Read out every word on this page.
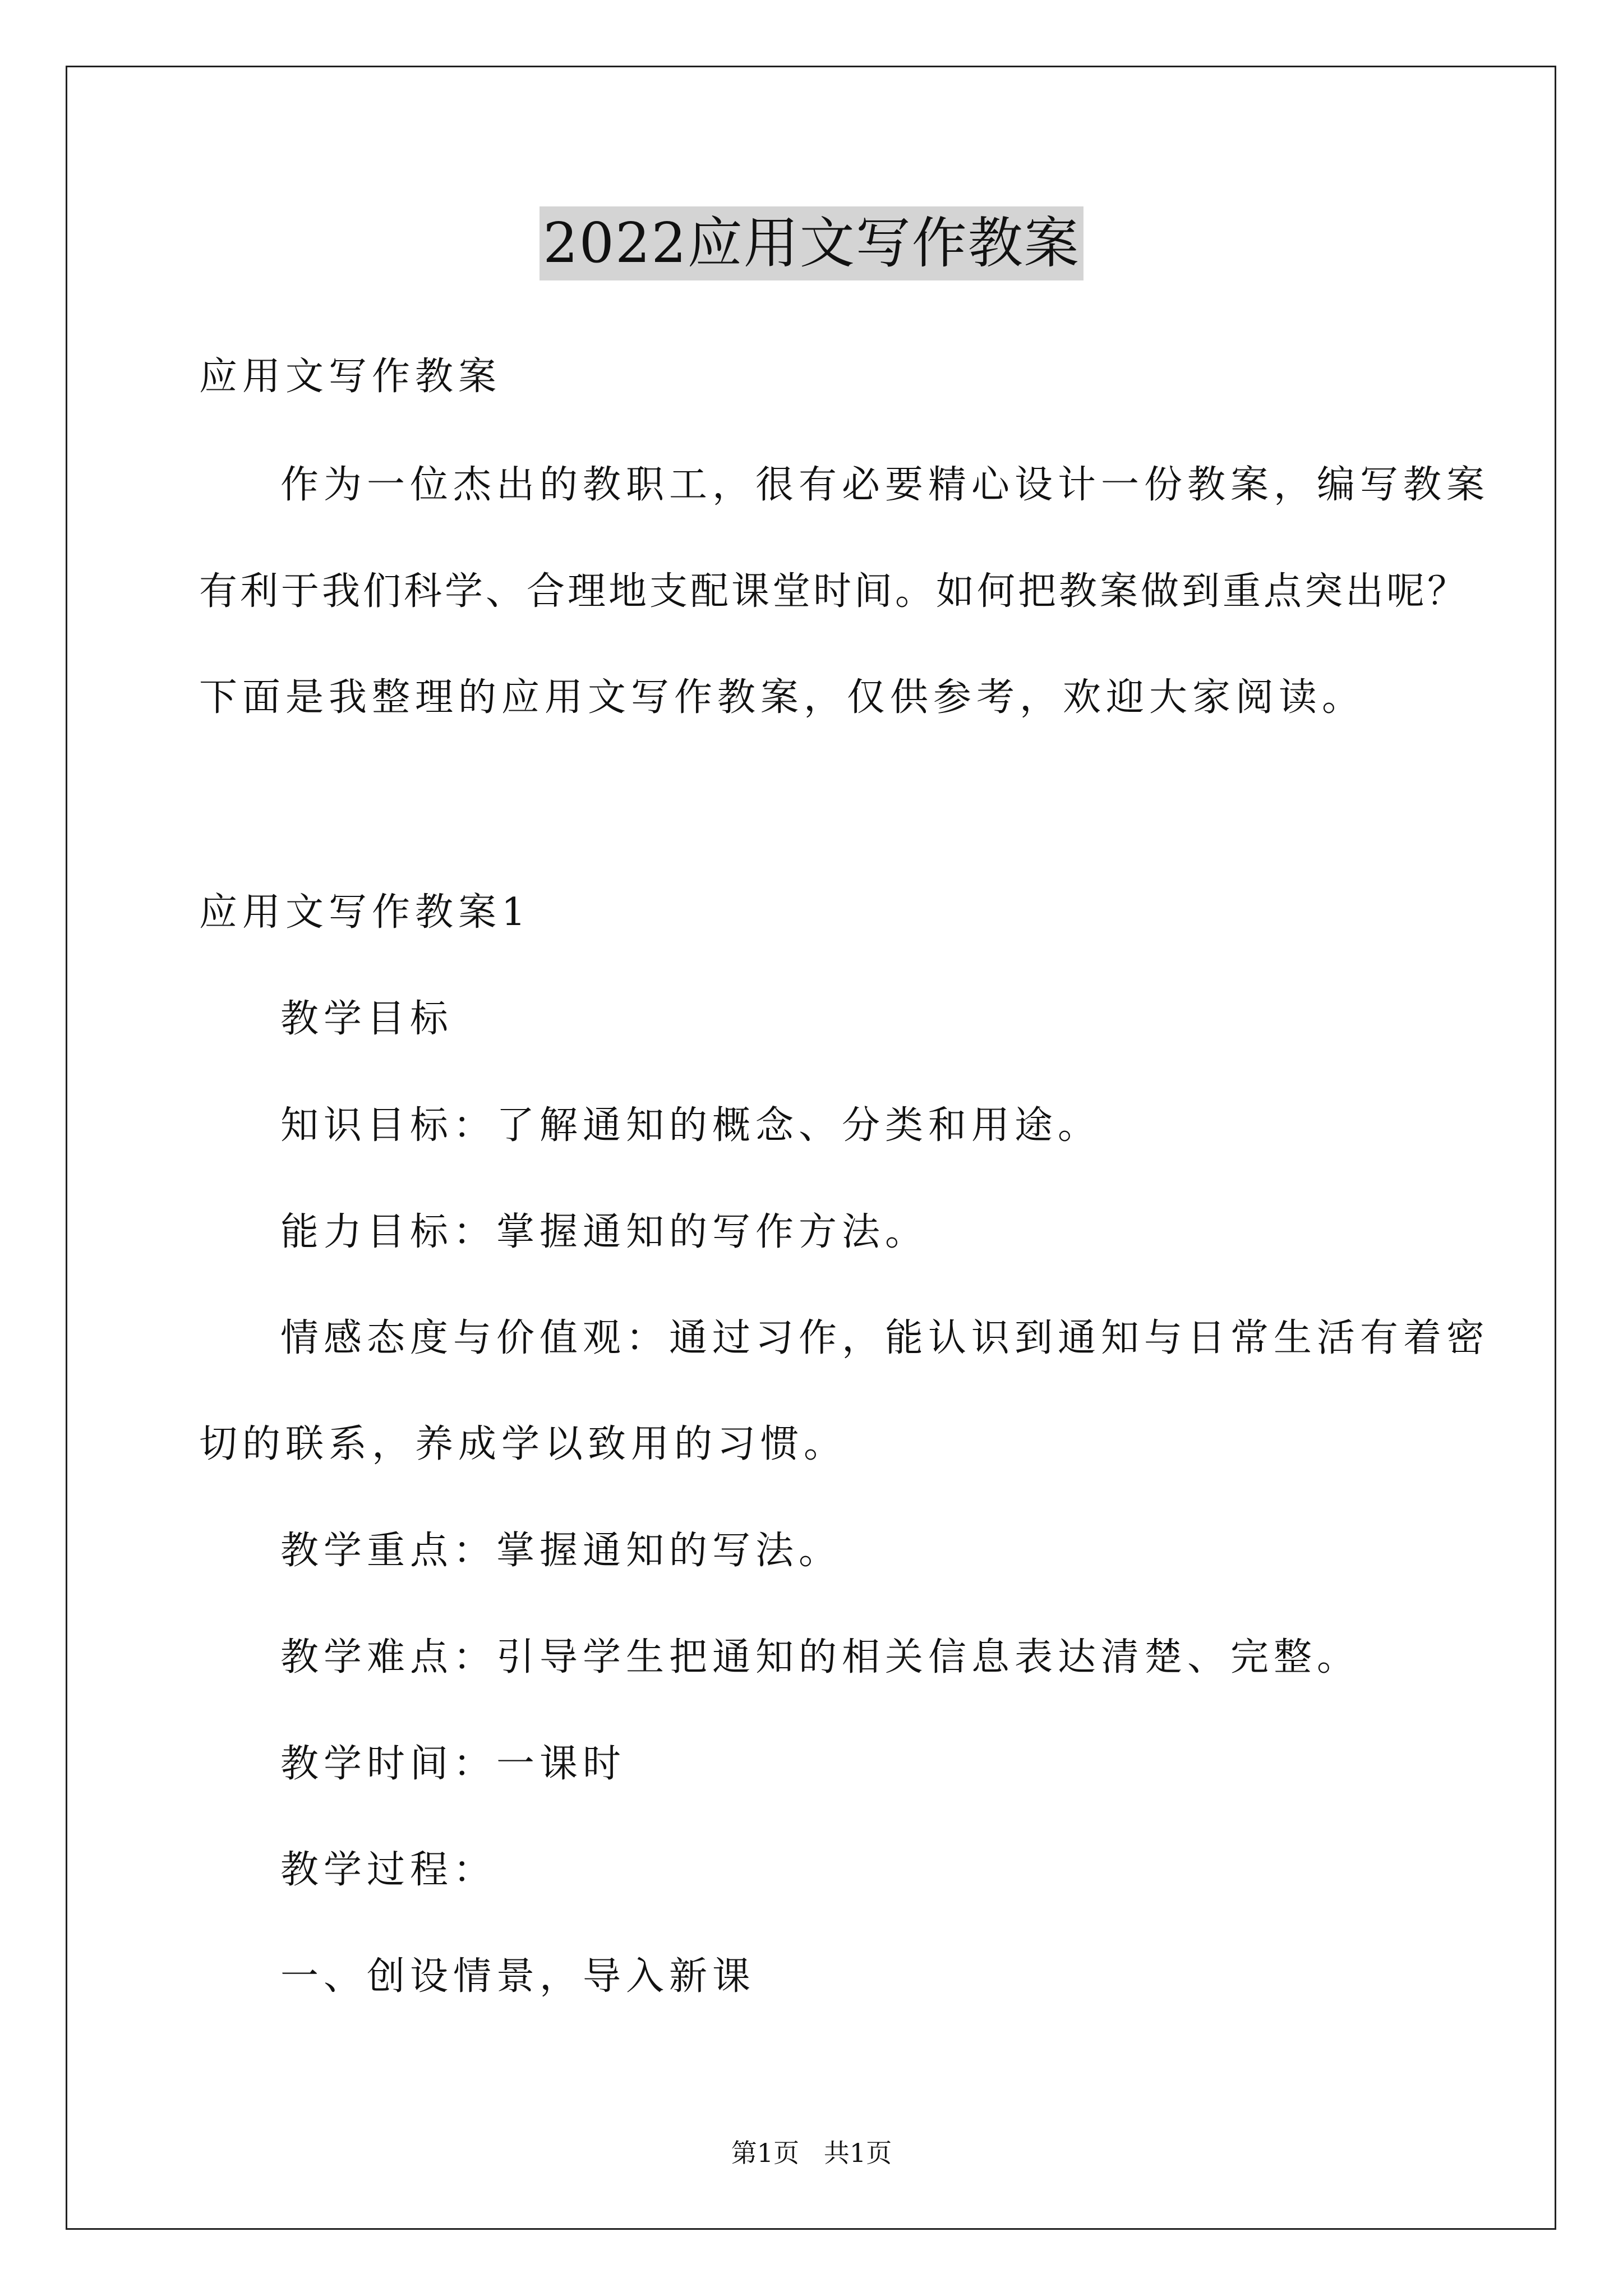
2022应用文写作教案
应用文写作教案
作为一位杰出的教职工，很有必要精心设计一份教案，编写教案
有利于我们科学、合理地支配课堂时间。如何把教案做到重点突出呢？
下面是我整理的应用文写作教案，仅供参考，欢迎大家阅读。
应用文写作教案1
教学目标
知识目标：了解通知的概念、分类和用途。
能力目标：掌握通知的写作方法。
情感态度与价值观：通过习作，能认识到通知与日常生活有着密
切的联系，养成学以致用的习惯。
教学重点：掌握通知的写法。
教学难点：引导学生把通知的相关信息表达清楚、完整。
教学时间：一课时
教学过程：
一、创设情景，导入新课
第1页   共1页
